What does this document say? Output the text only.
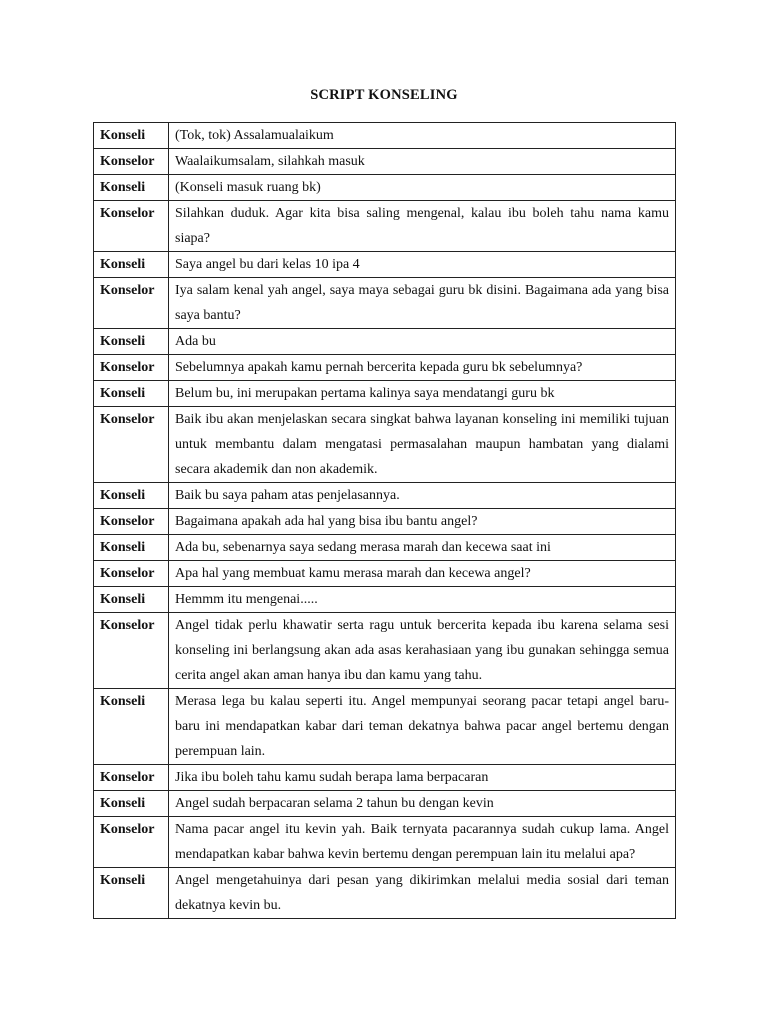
SCRIPT KONSELING
Konseli	(Tok, tok) Assalamualaikum
Konselor	Waalaikumsalam, silahkah masuk
Konseli	(Konseli masuk ruang bk)
Konselor	Silahkan duduk. Agar kita bisa saling mengenal, kalau ibu boleh tahu nama kamu siapa?
Konseli	Saya angel bu dari kelas 10 ipa 4
Konselor	Iya salam kenal yah angel, saya maya sebagai guru bk disini. Bagaimana ada yang bisa saya bantu?
Konseli	Ada bu
Konselor	Sebelumnya apakah kamu pernah bercerita kepada guru bk sebelumnya?
Konseli	Belum bu, ini merupakan pertama kalinya saya mendatangi guru bk
Konselor	Baik ibu akan menjelaskan secara singkat bahwa layanan konseling ini memiliki tujuan untuk membantu dalam mengatasi permasalahan maupun hambatan yang dialami secara akademik dan non akademik.
Konseli	Baik bu saya paham atas penjelasannya.
Konselor	Bagaimana apakah ada hal yang bisa ibu bantu angel?
Konseli	Ada bu, sebenarnya saya sedang merasa marah dan kecewa saat ini
Konselor	Apa hal yang membuat kamu merasa marah dan kecewa angel?
Konseli	Hemmm itu mengenai.....
Konselor	Angel tidak perlu khawatir serta ragu untuk bercerita kepada ibu karena selama sesi konseling ini berlangsung akan ada asas kerahasiaan yang ibu gunakan sehingga semua cerita angel akan aman hanya ibu dan kamu yang tahu.
Konseli	Merasa lega bu kalau seperti itu. Angel mempunyai seorang pacar tetapi angel baru-baru ini mendapatkan kabar dari teman dekatnya bahwa pacar angel bertemu dengan perempuan lain.
Konselor	Jika ibu boleh tahu kamu sudah berapa lama berpacaran
Konseli	Angel sudah berpacaran selama 2 tahun bu dengan kevin
Konselor	Nama pacar angel itu kevin yah. Baik ternyata pacarannya sudah cukup lama. Angel mendapatkan kabar bahwa kevin bertemu dengan perempuan lain itu melalui apa?
Konseli	Angel mengetahuinya dari pesan yang dikirimkan melalui media sosial dari teman dekatnya kevin bu.
